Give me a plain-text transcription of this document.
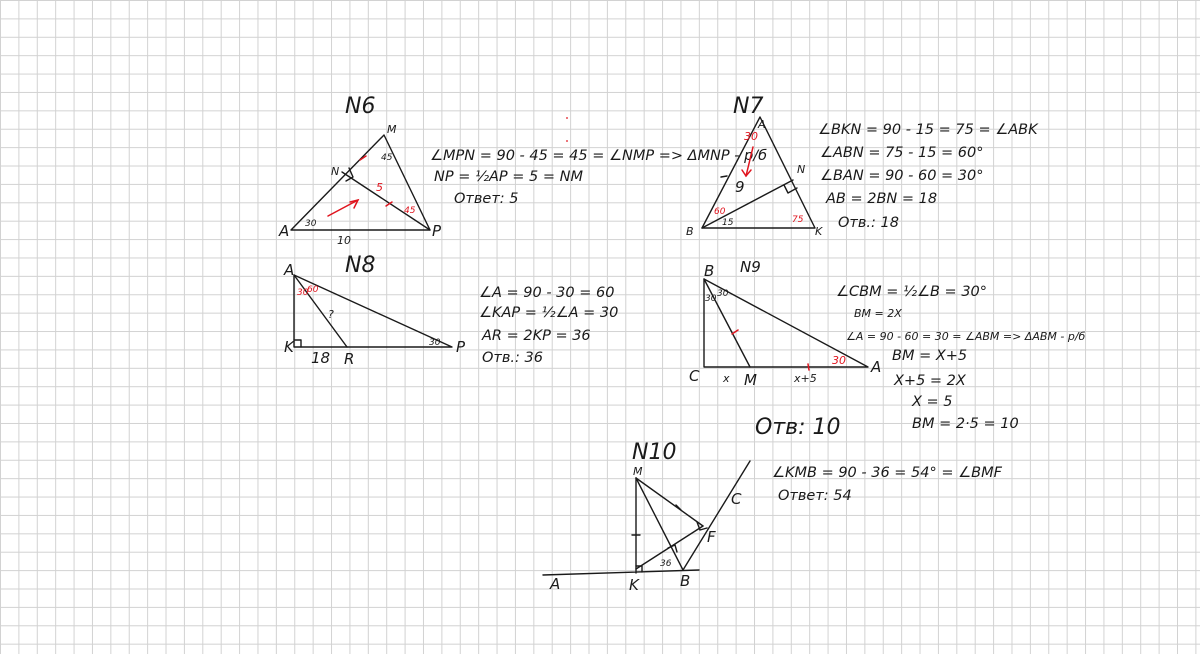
N6
A	P
M
N
30
45
45
10
5
∠MPN = 90 - 45 = 45 = ∠NMP => ΔMNP - р/б
NP = ½AP = 5 = NM
Ответ: 5
N7
A
B	K
N
30
60
75
9
15
∠BKN = 90 - 15 = 75 = ∠ABK
∠ABN = 75 - 15 = 60°
∠BAN = 90 - 60 = 30°
AB = 2BN = 18
Отв.: 18
N8
A
K
R
P
30
60
30
18
?
∠A = 90 - 30 = 60
∠KAP = ½∠A = 30
AR = 2KP = 36
Отв.: 36
N9
B
C	M
A
30 30
30
x	x+5
∠CBM = ½∠B = 30°
BM = 2X
∠A = 90 - 60 = 30 = ∠ABM => ΔABM - р/б
BM = X+5
X+5 = 2X
X = 5
BM = 2·5 = 10
Отв: 10
N10
M
A	K	B
F
C
36
∠KMB = 90 - 36 = 54° = ∠BMF
Ответ: 54
